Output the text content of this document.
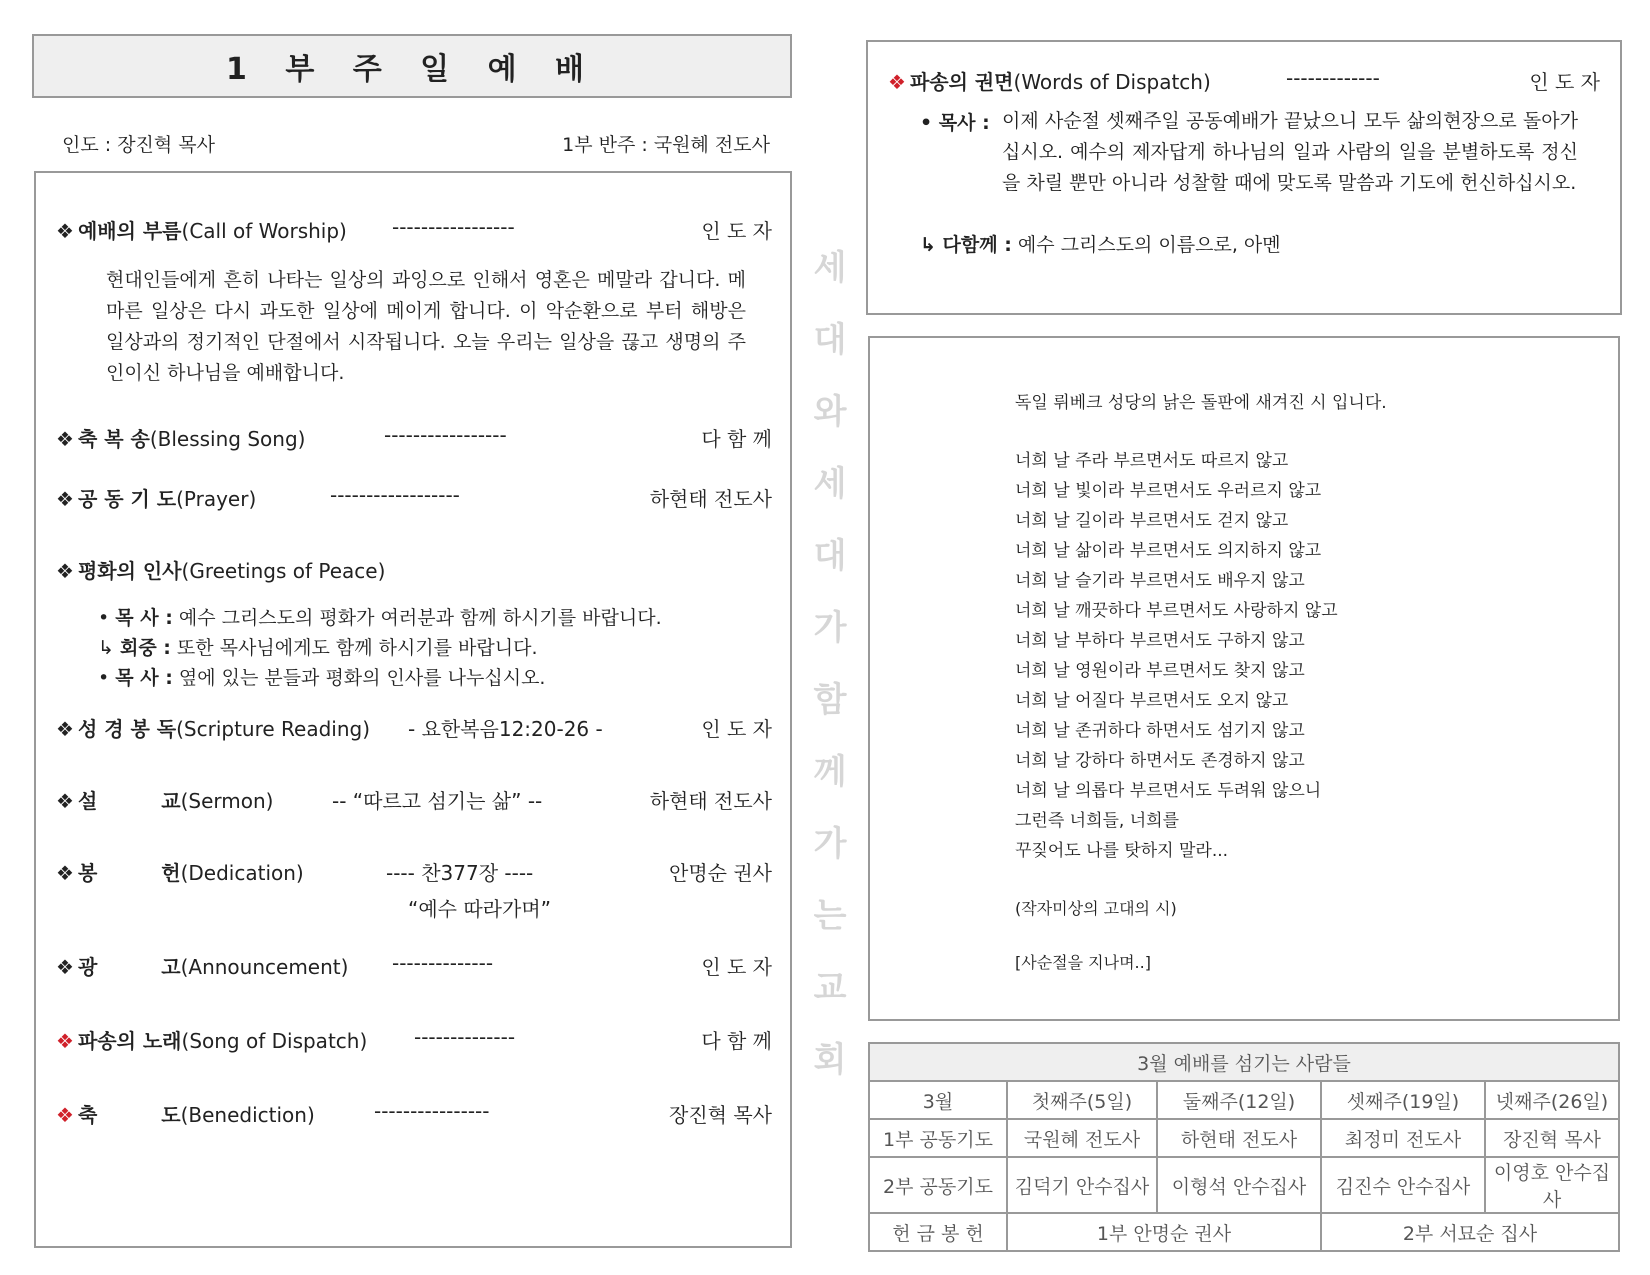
1 부 주 일 예 배
인도 : 장진혁 목사	1부 반주 : 국원혜 전도사
❖ 예배의 부름(Call of Worship) -----------------	인 도 자
현대인들에게 흔히 나타는 일상의 과잉으로 인해서 영혼은 메말라 갑니다. 메마른 일상은 다시 과도한 일상에 메이게 합니다. 이 악순환으로 부터 해방은 일상과의 정기적인 단절에서 시작됩니다. 오늘 우리는 일상을 끊고 생명의 주인이신 하나님을 예배합니다.
❖ 축 복 송(Blessing Song)	-----------------	다 함 께
❖ 공 동 기 도(Prayer)	------------------	하현태 전도사
❖ 평화의 인사(Greetings of Peace)
• 목 사 : 예수 그리스도의 평화가 여러분과 함께 하시기를 바랍니다.
↳ 회중 : 또한 목사님에게도 함께 하시기를 바랍니다.
• 목 사 : 옆에 있는 분들과 평화의 인사를 나누십시오.
❖ 성 경 봉 독(Scripture Reading) - 요한복음12:20-26 -	인 도 자
❖ 설	교(Sermon)	-- “따르고 섬기는 삶” --	하현태 전도사
❖ 봉	헌(Dedication)	---- 찬377장 ----	안명순 권사
“예수 따라가며”
❖ 광	고(Announcement) --------------	인 도 자
❖ 파송의 노래(Song of Dispatch) --------------	다 함 께
❖ 축	도(Benediction)	----------------	장진혁 목사
세
대
와
세
대
가
함
께
가
는
교
회
❖ 파송의 권면(Words of Dispatch)	-------------	인 도 자
• 목사 : 이제 사순절 셋째주일 공동예배가 끝났으니 모두 삶의현장으로 돌아가십시오. 예수의 제자답게 하나님의 일과 사람의 일을 분별하도록 정신을 차릴 뿐만 아니라 성찰할 때에 맞도록 말씀과 기도에 헌신하십시오.
↳ 다함께 : 예수 그리스도의 이름으로, 아멘
독일 뤼베크 성당의 낡은 돌판에 새겨진 시 입니다.
너희 날 주라 부르면서도 따르지 않고
너희 날 빛이라 부르면서도 우러르지 않고
너희 날 길이라 부르면서도 걷지 않고
너희 날 삶이라 부르면서도 의지하지 않고
너희 날 슬기라 부르면서도 배우지 않고
너희 날 깨끗하다 부르면서도 사랑하지 않고
너희 날 부하다 부르면서도 구하지 않고
너희 날 영원이라 부르면서도 찾지 않고
너희 날 어질다 부르면서도 오지 않고
너희 날 존귀하다 하면서도 섬기지 않고
너희 날 강하다 하면서도 존경하지 않고
너희 날 의롭다 부르면서도 두려워 않으니
그런즉 너희들, 너희를
꾸짖어도 나를 탓하지 말라...
(작자미상의 고대의 시)
[사순절을 지나며..]
3월 예배를 섬기는 사람들				
3월	첫째주(5일)	둘째주(12일)	셋째주(19일)	넷째주(26일)
1부 공동기도	국원혜 전도사	하현태 전도사	최정미 전도사	장진혁 목사
2부 공동기도	김덕기 안수집사	이형석 안수집사	김진수 안수집사	이영호 안수집사
헌 금 봉 헌	1부 안명순 권사		2부 서묘순 집사	
